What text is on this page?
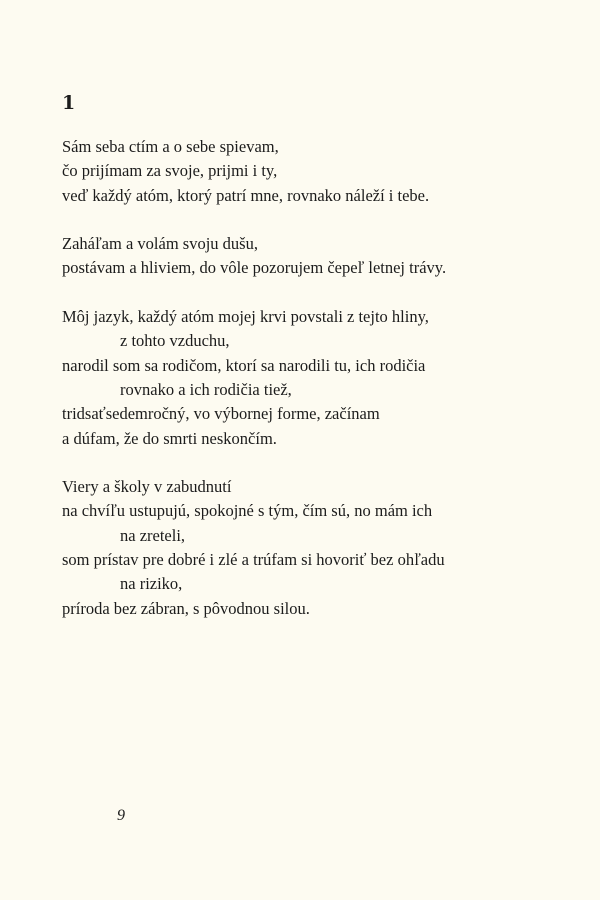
1
Sám seba ctím a o sebe spievam,
čo prijímam za svoje, prijmi i ty,
veď každý atóm, ktorý patrí mne, rovnako náleží i tebe.
Zaháľam a volám svoju dušu,
postávam a hliviem, do vôle pozorujem čepeľ letnej trávy.
Môj jazyk, každý atóm mojej krvi povstali z tejto hliny,
z tohto vzduchu,
narodil som sa rodičom, ktorí sa narodili tu, ich rodičia
rovnako a ich rodičia tiež,
tridsaťsedemročný, vo výbornej forme, začínam
a dúfam, že do smrti neskončím.
Viery a školy v zabudnutí
na chvíľu ustupujú, spokojné s tým, čím sú, no mám ich
na zreteli,
som prístav pre dobré i zlé a trúfam si hovoriť bez ohľadu
na riziko,
príroda bez zábran, s pôvodnou silou.
9
